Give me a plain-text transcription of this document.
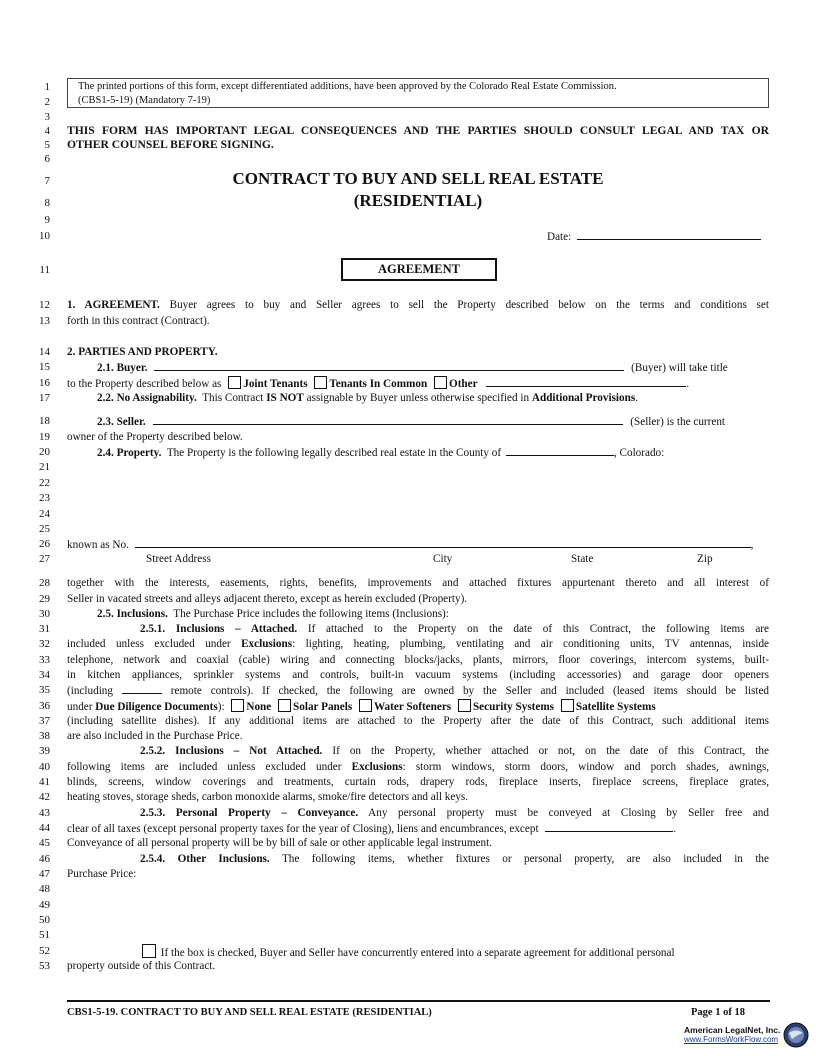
1
2
3
4
5
6
7
8
9
10
11
12
13
14
15
16
17
18
19
20
21
22
23
24
25
26
27
28
29
30
31
32
33
34
35
36
37
38
39
40
41
42
43
44
45
46
47
48
49
50
51
52
53
The printed portions of this form, except differentiated additions, have been approved by the Colorado Real Estate Commission.
(CBS1-5-19) (Mandatory 7-19)
THIS FORM HAS IMPORTANT LEGAL CONSEQUENCES AND THE PARTIES SHOULD CONSULT LEGAL AND TAX OR
OTHER COUNSEL BEFORE SIGNING.
CONTRACT TO BUY AND SELL REAL ESTATE
(RESIDENTIAL)
Date:
AGREEMENT
1. AGREEMENT. Buyer agrees to buy and Seller agrees to sell the Property described below on the terms and conditions set
forth in this contract (Contract).
2. PARTIES AND PROPERTY.
2.1. Buyer.	(Buyer) will take title
to the Property described below as Joint Tenants Tenants In Common Other	.
2.2. No Assignability. This Contract IS NOT assignable by Buyer unless otherwise specified in Additional Provisions.
2.3. Seller.	(Seller) is the current
owner of the Property described below.
2.4. Property. The Property is the following legally described real estate in the County of	, Colorado:
known as No.	,
Street Address	City	State	Zip
together with the interests, easements, rights, benefits, improvements and attached fixtures appurtenant thereto and all interest of
Seller in vacated streets and alleys adjacent thereto, except as herein excluded (Property).
2.5. Inclusions. The Purchase Price includes the following items (Inclusions):
2.5.1. Inclusions – Attached. If attached to the Property on the date of this Contract, the following items are
included unless excluded under Exclusions: lighting, heating, plumbing, ventilating and air conditioning units, TV antennas, inside
telephone, network and coaxial (cable) wiring and connecting blocks/jacks, plants, mirrors, floor coverings, intercom systems, built-
in kitchen appliances, sprinkler systems and controls, built-in vacuum systems (including accessories) and garage door openers
(including	remote controls). If checked, the following are owned by the Seller and included (leased items should be listed
under Due Diligence Documents): None Solar Panels Water Softeners Security Systems Satellite Systems
(including satellite dishes). If any additional items are attached to the Property after the date of this Contract, such additional items
are also included in the Purchase Price.
2.5.2. Inclusions – Not Attached. If on the Property, whether attached or not, on the date of this Contract, the
following items are included unless excluded under Exclusions: storm windows, storm doors, window and porch shades, awnings,
blinds, screens, window coverings and treatments, curtain rods, drapery rods, fireplace inserts, fireplace screens, fireplace grates,
heating stoves, storage sheds, carbon monoxide alarms, smoke/fire detectors and all keys.
2.5.3. Personal Property – Conveyance. Any personal property must be conveyed at Closing by Seller free and
clear of all taxes (except personal property taxes for the year of Closing), liens and encumbrances, except	.
Conveyance of all personal property will be by bill of sale or other applicable legal instrument.
2.5.4. Other Inclusions. The following items, whether fixtures or personal property, are also included in the
Purchase Price:
If the box is checked, Buyer and Seller have concurrently entered into a separate agreement for additional personal
property outside of this Contract.
CBS1-5-19. CONTRACT TO BUY AND SELL REAL ESTATE (RESIDENTIAL)	Page 1 of 18
American LegalNet, Inc.
www.FormsWorkFlow.com
